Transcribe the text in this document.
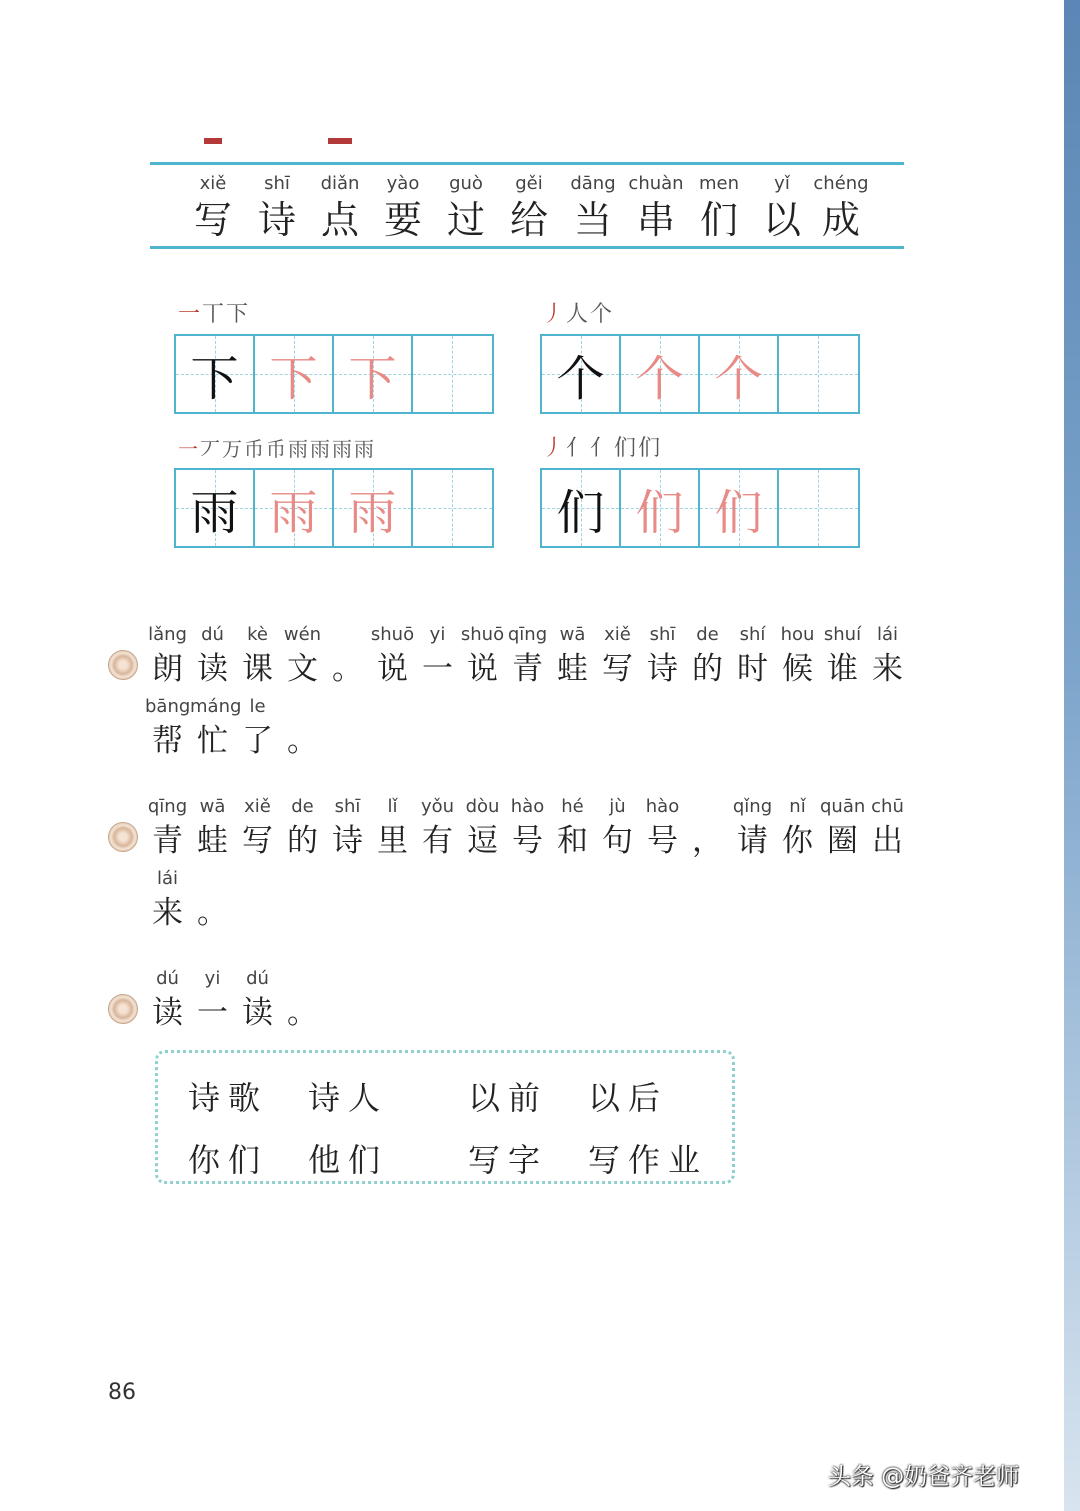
xiě
写
shī
诗
diǎn
点
yào
要
guò
过
gěi
给
dāng
当
chuàn
串
men
们
yǐ
以
chéng
成
一 丅 下
下 下 下
丿 人 个
个 个 个
一 丆 万 币 币 雨 雨 雨 雨
雨 雨 雨
丿 亻 亻 们 们
们 们 们
lǎng
朗
dú
读
kè
课
wén
文 。
shuō
说
yi
一
shuō
说
qīng
青
wā
蛙
xiě
写
shī
诗
de
的
shí
时
hou
候
shuí
谁
lái
来
bāng
帮
máng
忙
le
了 。
qīng
青
wā
蛙
xiě
写
de
的
shī
诗
lǐ
里
yǒu
有
dòu
逗
hào
号
hé
和
jù
句
hào
号 ，
qǐng
请
nǐ
你
quān
圈
chū
出
lái
来 。
dú
读
yi
一
dú
读 。
诗歌 诗人 以前 以后
你们 他们 写字 写作业
86
头条 @奶爸齐老师
